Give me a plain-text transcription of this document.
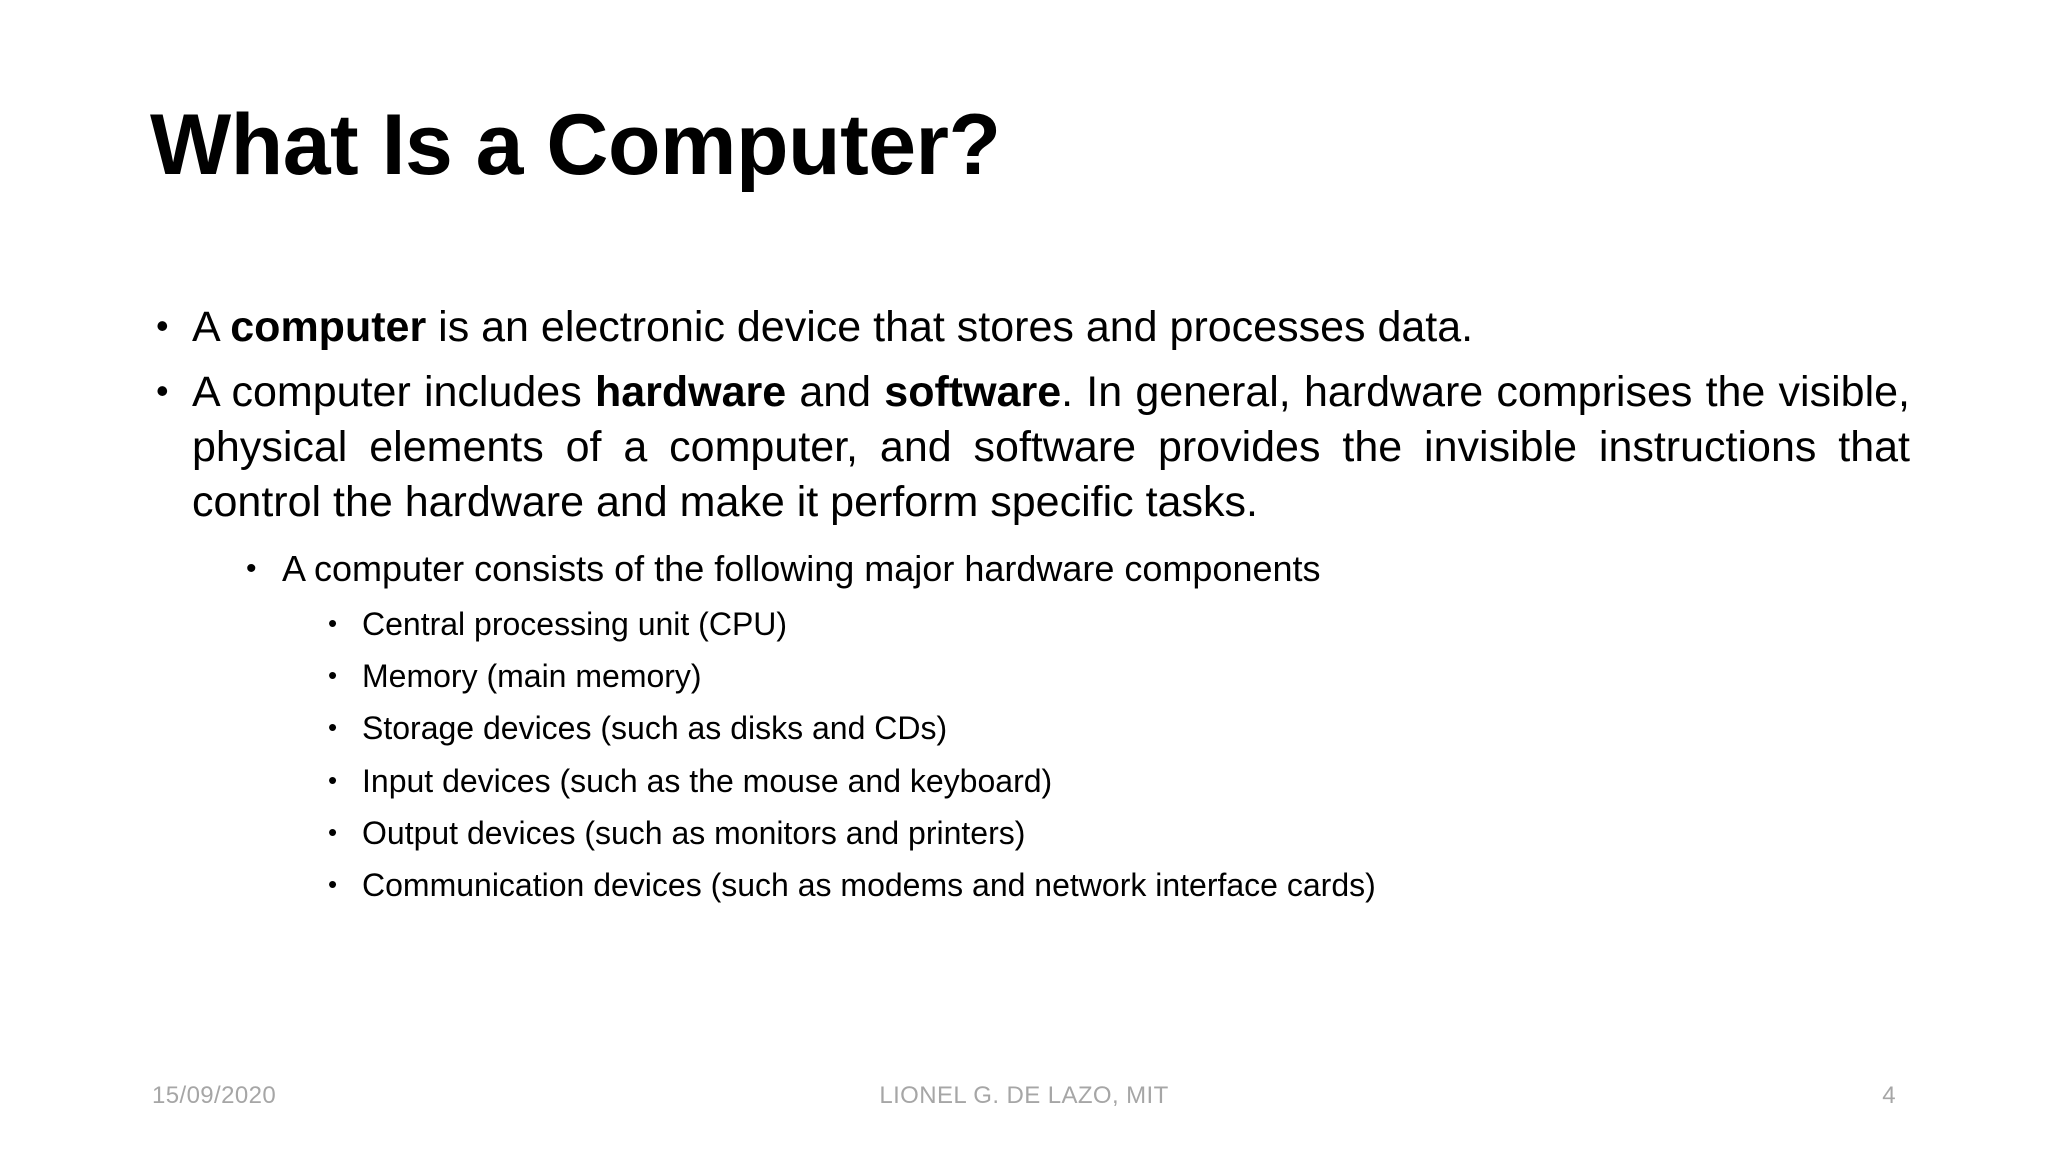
What Is a Computer?
• A computer is an electronic device that stores and processes data.
• A computer includes hardware and software. In general, hardware comprises the visible, physical elements of a computer, and software provides the invisible instructions that control the hardware and make it perform specific tasks.
• A computer consists of the following major hardware components
• Central processing unit (CPU)
• Memory (main memory)
• Storage devices (such as disks and CDs)
• Input devices (such as the mouse and keyboard)
• Output devices (such as monitors and printers)
• Communication devices (such as modems and network interface cards)
15/09/2020	LIONEL G. DE LAZO, MIT	4
